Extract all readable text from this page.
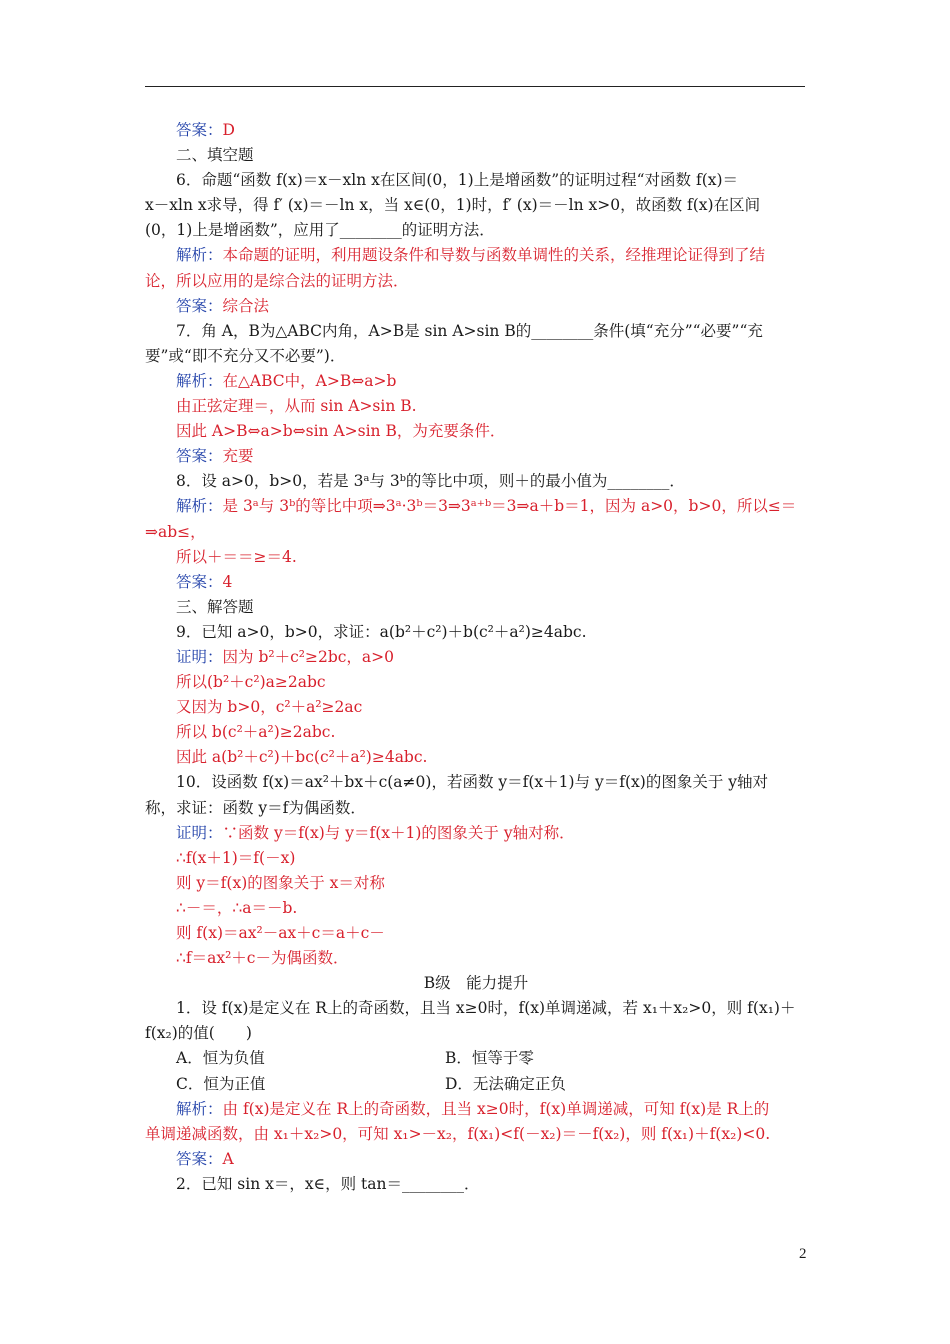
答案：D
二、填空题
6．命题“函数 f(x)＝x－xln x在区间(0，1)上是增函数”的证明过程“对函数 f(x)＝
x－xln x求导，得 f′ (x)＝－ln x，当 x∈(0，1)时，f′ (x)＝－ln x>0，故函数 f(x)在区间
(0，1)上是增函数”，应用了________的证明方法．
解析：本命题的证明，利用题设条件和导数与函数单调性的关系，经推理论证得到了结
论，所以应用的是综合法的证明方法．
答案：综合法
7．角 A，B为△ABC内角，A>B是 sin A>sin B的________条件(填“充分”“必要”“充
要”或“即不充分又不必要”)．
解析：在△ABC中，A>B⇔a>b
由正弦定理＝，从而 sin A>sin B.
因此 A>B⇔a>b⇔sin A>sin B，为充要条件．
答案：充要
8．设 a>0，b>0，若是 3ᵃ与 3ᵇ的等比中项，则＋的最小值为________．
解析：是 3ᵃ与 3ᵇ的等比中项⇒3ᵃ·3ᵇ＝3⇒3ᵃ⁺ᵇ＝3⇒a＋b＝1，因为 a>0，b>0，所以≤＝
⇒ab≤，
所以＋＝＝≥＝4.
答案：4
三、解答题
9．已知 a>0，b>0，求证：a(b²＋c²)＋b(c²＋a²)≥4abc.
证明：因为 b²＋c²≥2bc，a>0
所以(b²＋c²)a≥2abc
又因为 b>0，c²＋a²≥2ac
所以 b(c²＋a²)≥2abc.
因此 a(b²＋c²)＋bc(c²＋a²)≥4abc.
10．设函数 f(x)＝ax²＋bx＋c(a≠0)，若函数 y＝f(x＋1)与 y＝f(x)的图象关于 y轴对
称，求证：函数 y＝f为偶函数．
证明：∵函数 y＝f(x)与 y＝f(x＋1)的图象关于 y轴对称．
∴f(x＋1)＝f(－x)
则 y＝f(x)的图象关于 x＝对称
∴－＝，∴a＝－b.
则 f(x)＝ax²－ax＋c＝a＋c－
∴f＝ax²＋c－为偶函数．
B级　能力提升
1．设 f(x)是定义在 R上的奇函数，且当 x≥0时，f(x)单调递减，若 x₁＋x₂>0，则 f(x₁)＋
f(x₂)的值(　　)
A．恒为负值	B．恒等于零
C．恒为正值	D．无法确定正负
解析：由 f(x)是定义在 R上的奇函数，且当 x≥0时，f(x)单调递减，可知 f(x)是 R上的
单调递减函数，由 x₁＋x₂>0，可知 x₁>－x₂，f(x₁)<f(－x₂)＝－f(x₂)，则 f(x₁)＋f(x₂)<0.
答案：A
2．已知 sin x＝，x∈，则 tan＝________．
2
